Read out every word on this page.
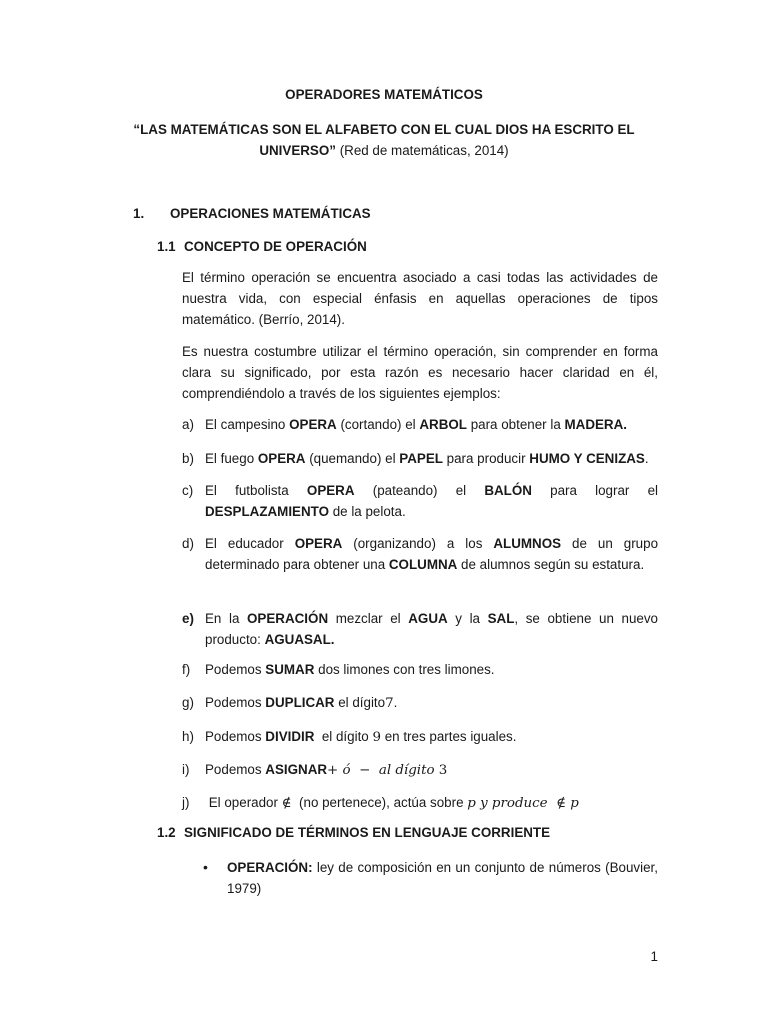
OPERADORES MATEMÁTICOS
“LAS MATEMÁTICAS SON EL ALFABETO CON EL CUAL DIOS HA ESCRITO EL
UNIVERSO” (Red de matemáticas, 2014)
1. OPERACIONES MATEMÁTICAS
1.1 CONCEPTO DE OPERACIÓN
El término operación se encuentra asociado a casi todas las actividades de nuestra vida, con especial énfasis en aquellas operaciones de tipos matemático. (Berrío, 2014).
Es nuestra costumbre utilizar el término operación, sin comprender en forma clara su significado, por esta razón es necesario hacer claridad en él, comprendiéndolo a través de los siguientes ejemplos:
a) El campesino OPERA (cortando) el ARBOL para obtener la MADERA.
b) El fuego OPERA (quemando) el PAPEL para producir HUMO Y CENIZAS.
c) El futbolista OPERA (pateando) el BALÓN para lograr el DESPLAZAMIENTO de la pelota.
d) El educador OPERA (organizando) a los ALUMNOS de un grupo determinado para obtener una COLUMNA de alumnos según su estatura.
e) En la OPERACIÓN mezclar el AGUA y la SAL, se obtiene un nuevo producto: AGUASAL.
f) Podemos SUMAR dos limones con tres limones.
g) Podemos DUPLICAR el dígito7.
h) Podemos DIVIDIR  el dígito 9 en tres partes iguales.
i) Podemos ASIGNAR+ ó  −  al dígito 3
j) El operador ∉  (no pertenece), actúa sobre p y produce  ∉ p
1.2 SIGNIFICADO DE TÉRMINOS EN LENGUAJE CORRIENTE
• OPERACIÓN: ley de composición en un conjunto de números (Bouvier, 1979)
1
